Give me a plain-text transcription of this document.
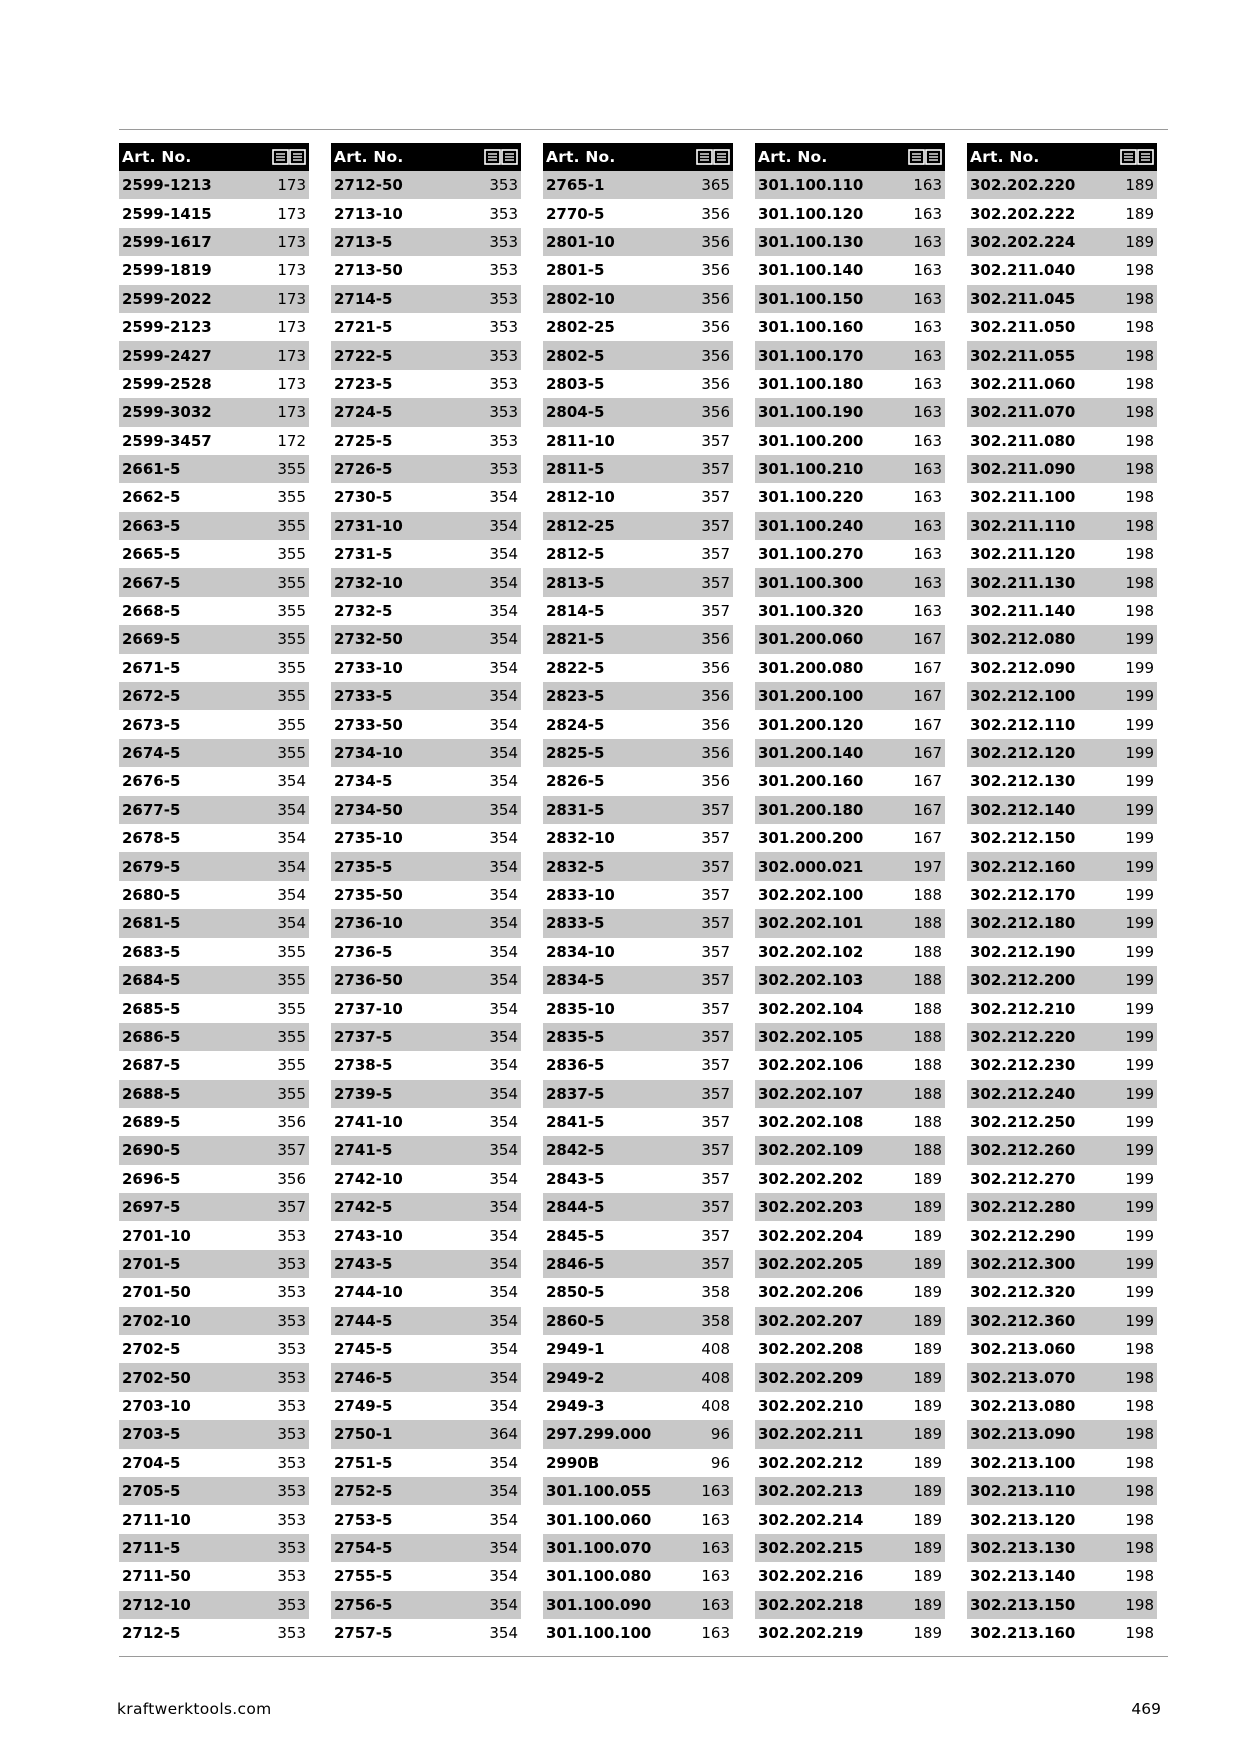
Art. No.
2599-1213	173
2599-1415	173
2599-1617	173
2599-1819	173
2599-2022	173
2599-2123	173
2599-2427	173
2599-2528	173
2599-3032	173
2599-3457	172
2661-5	355
2662-5	355
2663-5	355
2665-5	355
2667-5	355
2668-5	355
2669-5	355
2671-5	355
2672-5	355
2673-5	355
2674-5	355
2676-5	354
2677-5	354
2678-5	354
2679-5	354
2680-5	354
2681-5	354
2683-5	355
2684-5	355
2685-5	355
2686-5	355
2687-5	355
2688-5	355
2689-5	356
2690-5	357
2696-5	356
2697-5	357
2701-10	353
2701-5	353
2701-50	353
2702-10	353
2702-5	353
2702-50	353
2703-10	353
2703-5	353
2704-5	353
2705-5	353
2711-10	353
2711-5	353
2711-50	353
2712-10	353
2712-5	353
Art. No.
2712-50	353
2713-10	353
2713-5	353
2713-50	353
2714-5	353
2721-5	353
2722-5	353
2723-5	353
2724-5	353
2725-5	353
2726-5	353
2730-5	354
2731-10	354
2731-5	354
2732-10	354
2732-5	354
2732-50	354
2733-10	354
2733-5	354
2733-50	354
2734-10	354
2734-5	354
2734-50	354
2735-10	354
2735-5	354
2735-50	354
2736-10	354
2736-5	354
2736-50	354
2737-10	354
2737-5	354
2738-5	354
2739-5	354
2741-10	354
2741-5	354
2742-10	354
2742-5	354
2743-10	354
2743-5	354
2744-10	354
2744-5	354
2745-5	354
2746-5	354
2749-5	354
2750-1	364
2751-5	354
2752-5	354
2753-5	354
2754-5	354
2755-5	354
2756-5	354
2757-5	354
Art. No.
2765-1	365
2770-5	356
2801-10	356
2801-5	356
2802-10	356
2802-25	356
2802-5	356
2803-5	356
2804-5	356
2811-10	357
2811-5	357
2812-10	357
2812-25	357
2812-5	357
2813-5	357
2814-5	357
2821-5	356
2822-5	356
2823-5	356
2824-5	356
2825-5	356
2826-5	356
2831-5	357
2832-10	357
2832-5	357
2833-10	357
2833-5	357
2834-10	357
2834-5	357
2835-10	357
2835-5	357
2836-5	357
2837-5	357
2841-5	357
2842-5	357
2843-5	357
2844-5	357
2845-5	357
2846-5	357
2850-5	358
2860-5	358
2949-1	408
2949-2	408
2949-3	408
297.299.000	96
2990B	96
301.100.055	163
301.100.060	163
301.100.070	163
301.100.080	163
301.100.090	163
301.100.100	163
Art. No.
301.100.110	163
301.100.120	163
301.100.130	163
301.100.140	163
301.100.150	163
301.100.160	163
301.100.170	163
301.100.180	163
301.100.190	163
301.100.200	163
301.100.210	163
301.100.220	163
301.100.240	163
301.100.270	163
301.100.300	163
301.100.320	163
301.200.060	167
301.200.080	167
301.200.100	167
301.200.120	167
301.200.140	167
301.200.160	167
301.200.180	167
301.200.200	167
302.000.021	197
302.202.100	188
302.202.101	188
302.202.102	188
302.202.103	188
302.202.104	188
302.202.105	188
302.202.106	188
302.202.107	188
302.202.108	188
302.202.109	188
302.202.202	189
302.202.203	189
302.202.204	189
302.202.205	189
302.202.206	189
302.202.207	189
302.202.208	189
302.202.209	189
302.202.210	189
302.202.211	189
302.202.212	189
302.202.213	189
302.202.214	189
302.202.215	189
302.202.216	189
302.202.218	189
302.202.219	189
Art. No.
302.202.220	189
302.202.222	189
302.202.224	189
302.211.040	198
302.211.045	198
302.211.050	198
302.211.055	198
302.211.060	198
302.211.070	198
302.211.080	198
302.211.090	198
302.211.100	198
302.211.110	198
302.211.120	198
302.211.130	198
302.211.140	198
302.212.080	199
302.212.090	199
302.212.100	199
302.212.110	199
302.212.120	199
302.212.130	199
302.212.140	199
302.212.150	199
302.212.160	199
302.212.170	199
302.212.180	199
302.212.190	199
302.212.200	199
302.212.210	199
302.212.220	199
302.212.230	199
302.212.240	199
302.212.250	199
302.212.260	199
302.212.270	199
302.212.280	199
302.212.290	199
302.212.300	199
302.212.320	199
302.212.360	199
302.213.060	198
302.213.070	198
302.213.080	198
302.213.090	198
302.213.100	198
302.213.110	198
302.213.120	198
302.213.130	198
302.213.140	198
302.213.150	198
302.213.160	198
kraftwerktools.com	469
